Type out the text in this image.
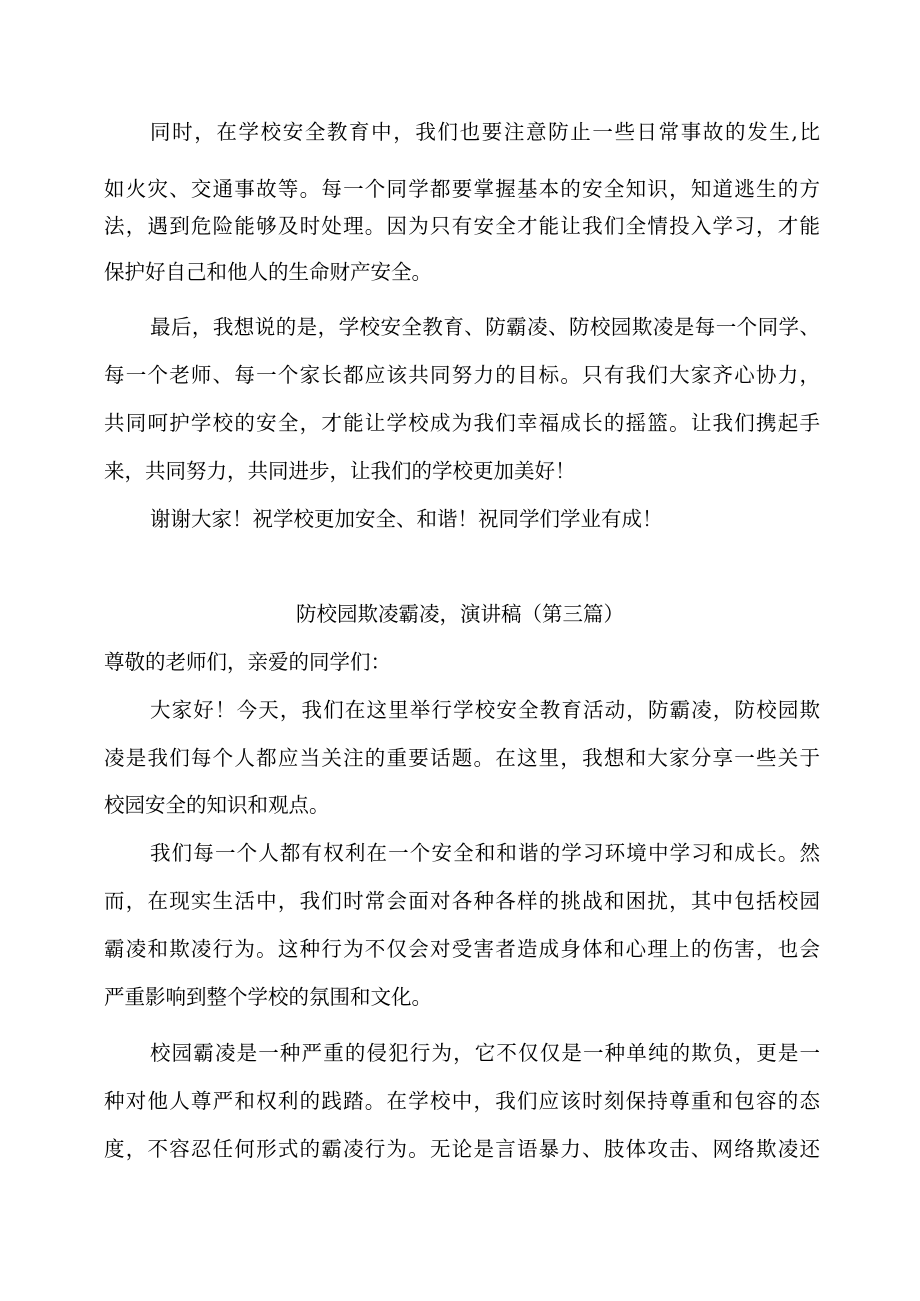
同时，在学校安全教育中，我们也要注意防止一些日常事故的发生,比
如火灾、交通事故等。每一个同学都要掌握基本的安全知识，知道逃生的方
法，遇到危险能够及时处理。因为只有安全才能让我们全情投入学习，才能
保护好自己和他人的生命财产安全。
最后，我想说的是，学校安全教育、防霸凌、防校园欺凌是每一个同学、
每一个老师、每一个家长都应该共同努力的目标。只有我们大家齐心协力，
共同呵护学校的安全，才能让学校成为我们幸福成长的摇篮。让我们携起手
来，共同努力，共同进步，让我们的学校更加美好！
谢谢大家！祝学校更加安全、和谐！祝同学们学业有成！
防校园欺凌霸凌，演讲稿（第三篇）
尊敬的老师们，亲爱的同学们：
大家好！今天，我们在这里举行学校安全教育活动，防霸凌，防校园欺
凌是我们每个人都应当关注的重要话题。在这里，我想和大家分享一些关于
校园安全的知识和观点。
我们每一个人都有权利在一个安全和和谐的学习环境中学习和成长。然
而，在现实生活中，我们时常会面对各种各样的挑战和困扰，其中包括校园
霸凌和欺凌行为。这种行为不仅会对受害者造成身体和心理上的伤害，也会
严重影响到整个学校的氛围和文化。
校园霸凌是一种严重的侵犯行为，它不仅仅是一种单纯的欺负，更是一
种对他人尊严和权利的践踏。在学校中，我们应该时刻保持尊重和包容的态
度，不容忍任何形式的霸凌行为。无论是言语暴力、肢体攻击、网络欺凌还
